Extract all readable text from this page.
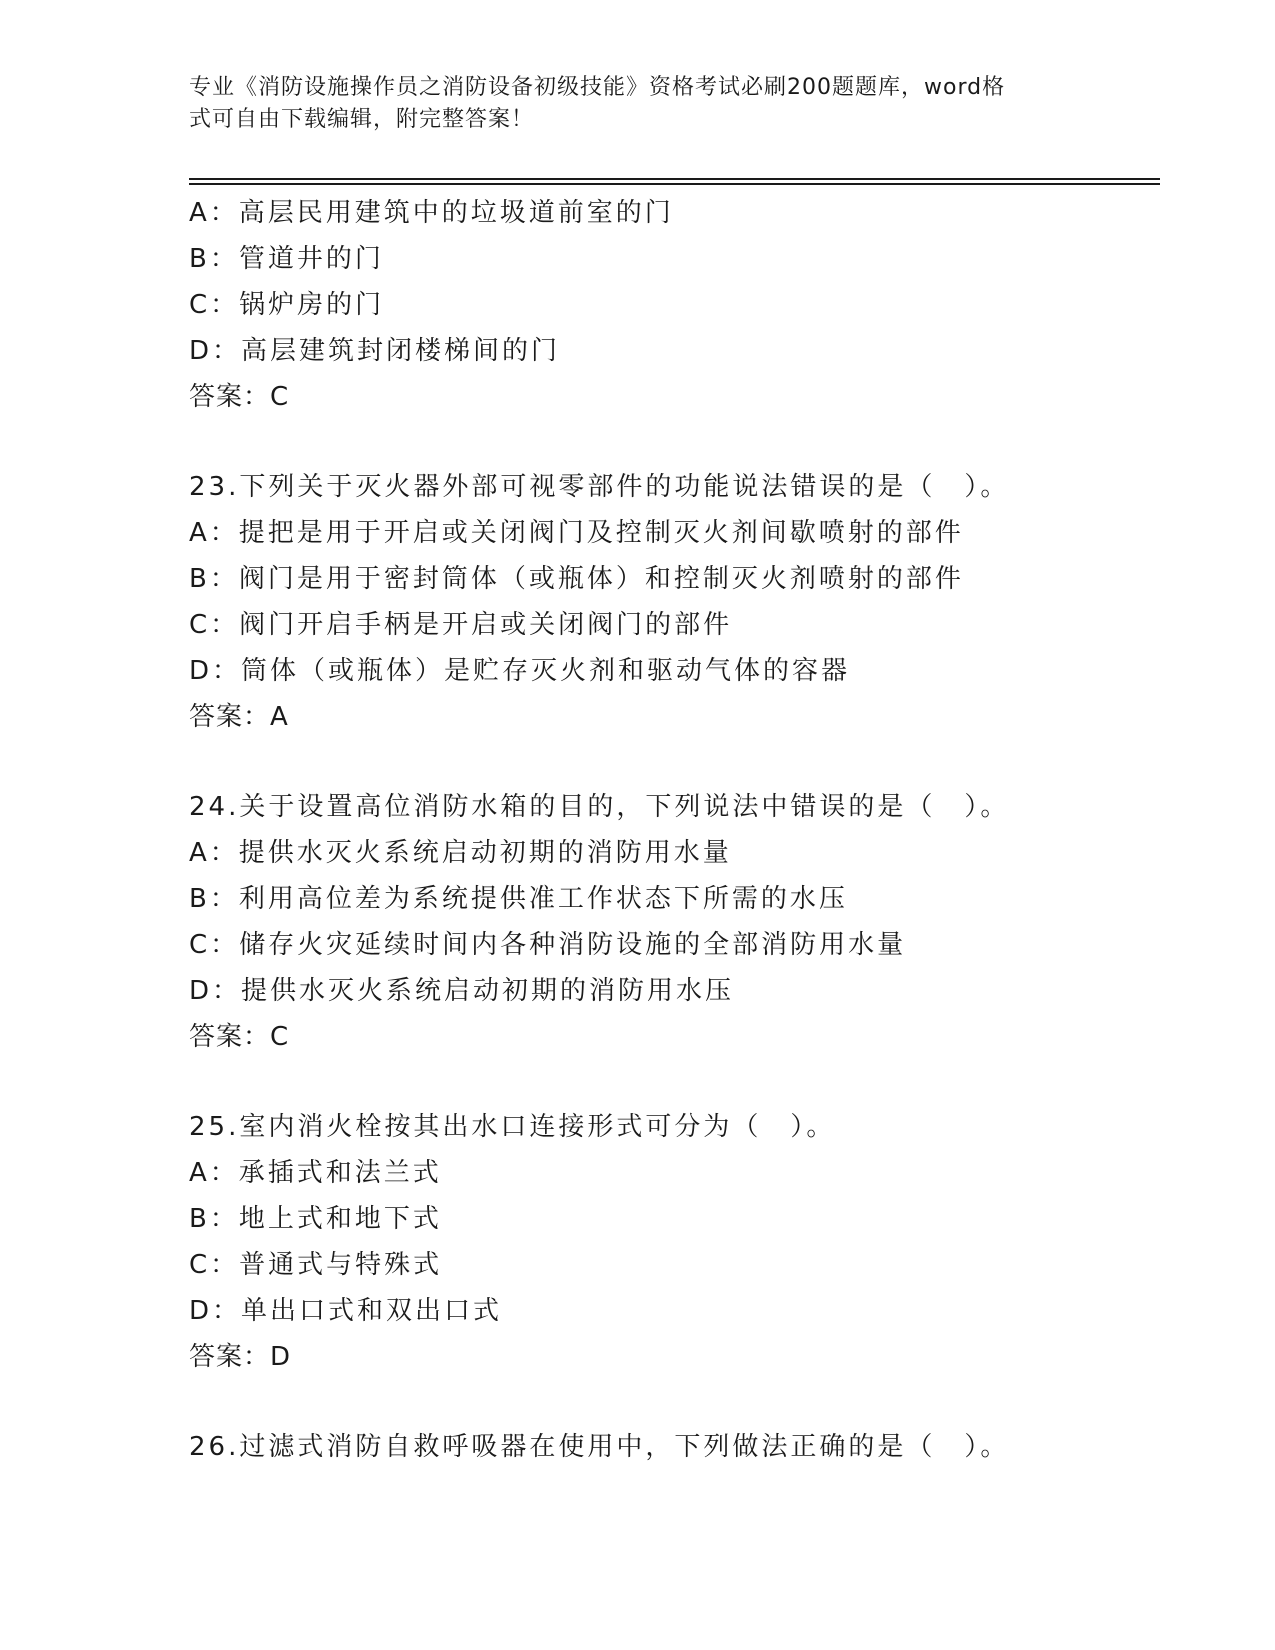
专业《消防设施操作员之消防设备初级技能》资格考试必刷200题题库，word格
式可自由下载编辑，附完整答案！
A：高层民用建筑中的垃圾道前室的门
B：管道井的门
C：锅炉房的门
D：高层建筑封闭楼梯间的门
答案：C
23.下列关于灭火器外部可视零部件的功能说法错误的是（　）。
A：提把是用于开启或关闭阀门及控制灭火剂间歇喷射的部件
B：阀门是用于密封筒体（或瓶体）和控制灭火剂喷射的部件
C：阀门开启手柄是开启或关闭阀门的部件
D：筒体（或瓶体）是贮存灭火剂和驱动气体的容器
答案：A
24.关于设置高位消防水箱的目的，下列说法中错误的是（　）。
A：提供水灭火系统启动初期的消防用水量
B：利用高位差为系统提供准工作状态下所需的水压
C：储存火灾延续时间内各种消防设施的全部消防用水量
D：提供水灭火系统启动初期的消防用水压
答案：C
25.室内消火栓按其出水口连接形式可分为（　）。
A：承插式和法兰式
B：地上式和地下式
C：普通式与特殊式
D：单出口式和双出口式
答案：D
26.过滤式消防自救呼吸器在使用中，下列做法正确的是（　）。
